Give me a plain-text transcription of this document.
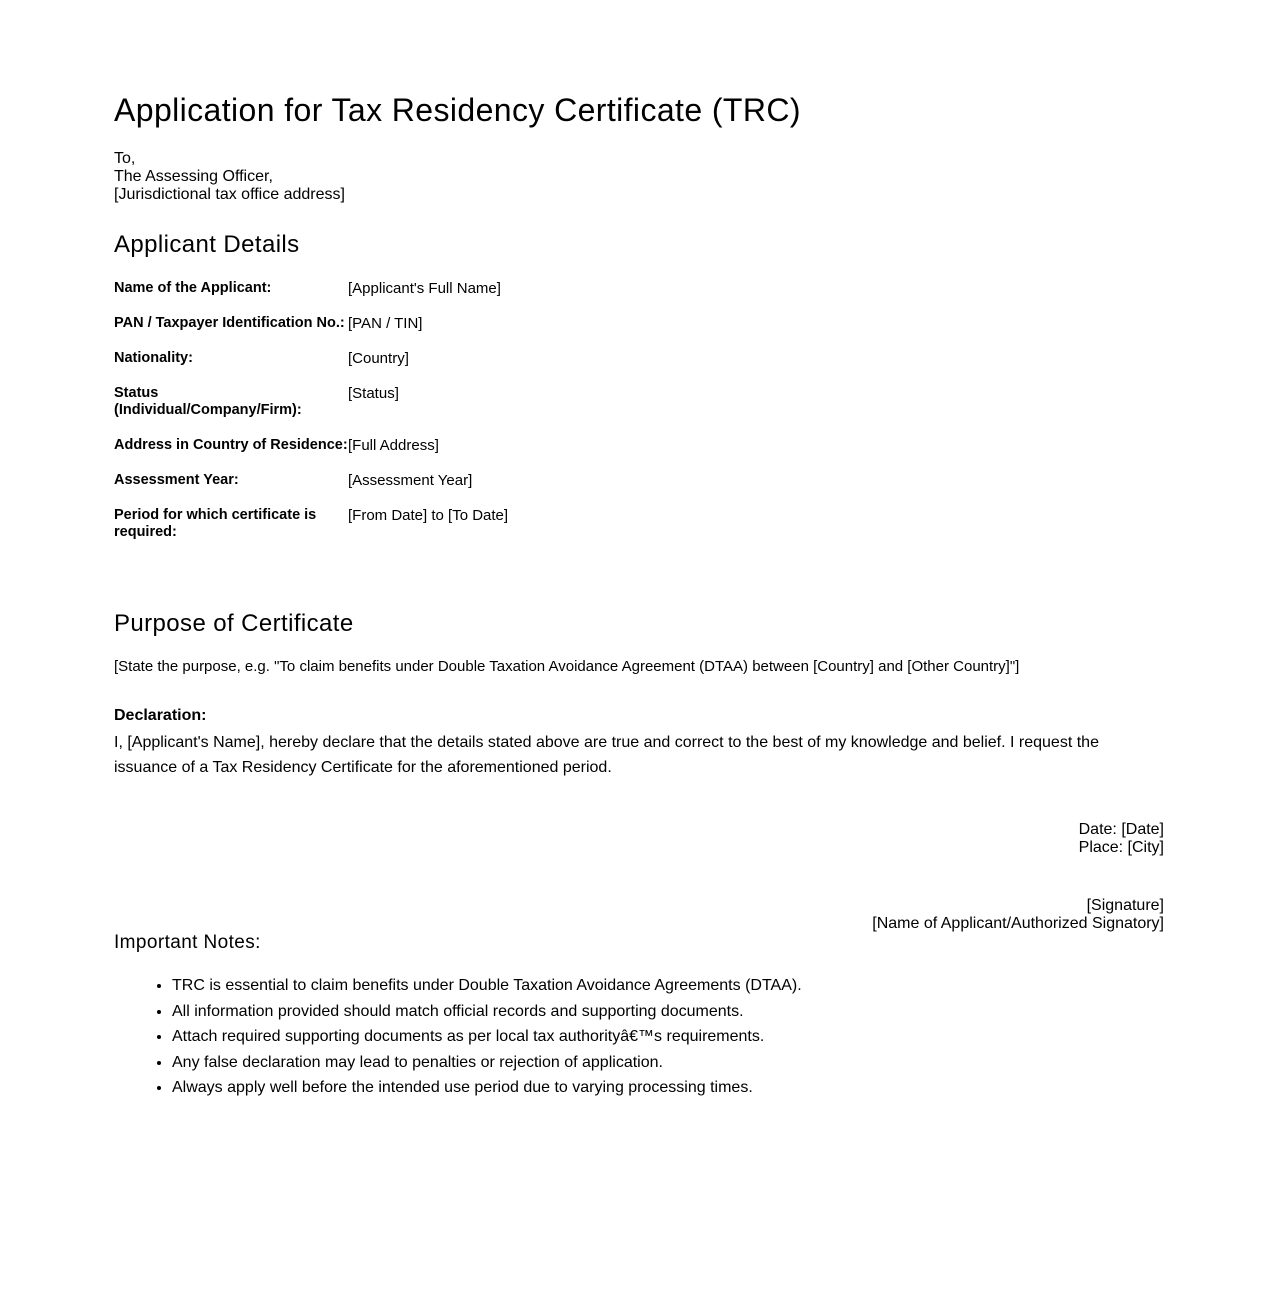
Application for Tax Residency Certificate (TRC)
To,
The Assessing Officer,
[Jurisdictional tax office address]
Applicant Details
Name of the Applicant:	[Applicant's Full Name]
PAN / Taxpayer Identification No.:	[PAN / TIN]
Nationality:	[Country]
Status (Individual/Company/Firm):	[Status]
Address in Country of Residence:	[Full Address]
Assessment Year:	[Assessment Year]
Period for which certificate is required:	[From Date] to [To Date]
Purpose of Certificate
[State the purpose, e.g. "To claim benefits under Double Taxation Avoidance Agreement (DTAA) between [Country] and [Other Country]"]
Declaration:
I, [Applicant's Name], hereby declare that the details stated above are true and correct to the best of my knowledge and belief. I request the issuance of a Tax Residency Certificate for the aforementioned period.
Date: [Date]
Place: [City]
[Signature]
[Name of Applicant/Authorized Signatory]
Important Notes:
• TRC is essential to claim benefits under Double Taxation Avoidance Agreements (DTAA).
• All information provided should match official records and supporting documents.
• Attach required supporting documents as per local tax authorityâ€™s requirements.
• Any false declaration may lead to penalties or rejection of application.
• Always apply well before the intended use period due to varying processing times.
